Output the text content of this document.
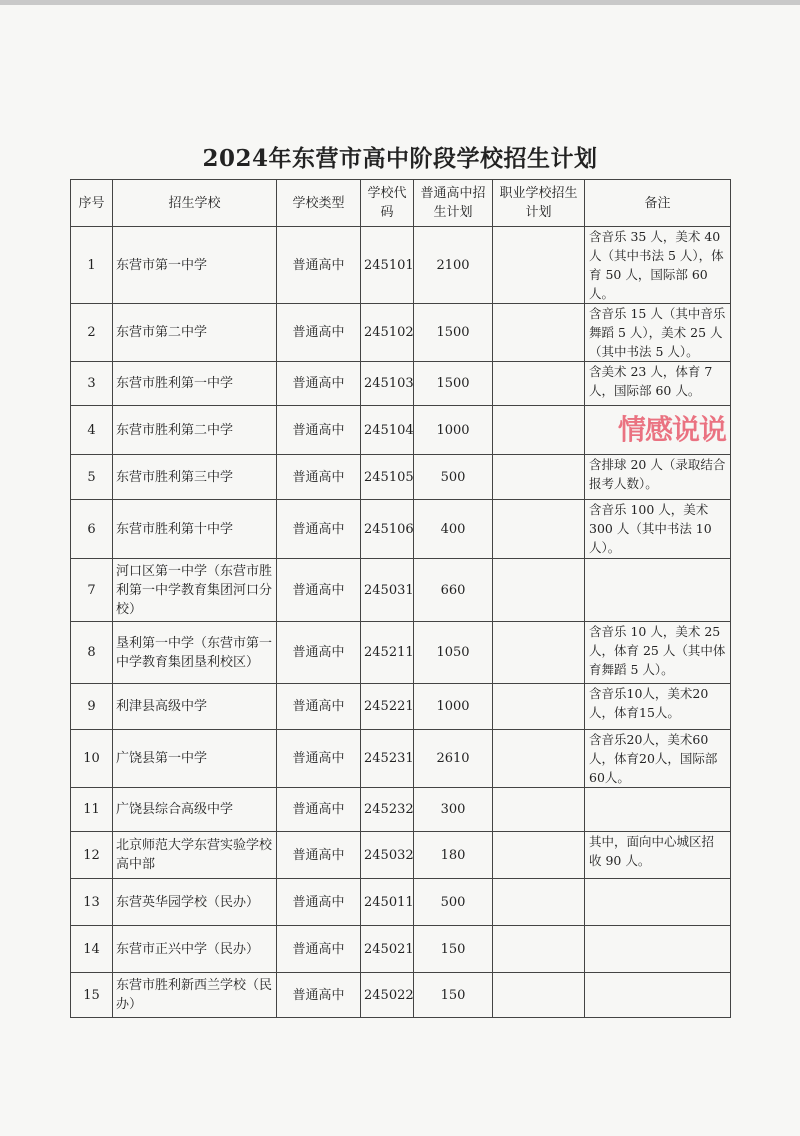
2024年东营市高中阶段学校招生计划
序号	招生学校	学校类型	学校代码	普通高中招生计划	职业学校招生计划	备注
1	东营市第一中学	普通高中	245101	2100		含音乐 35 人，美术 40 人（其中书法 5 人），体育 50 人，国际部 60 人。
2	东营市第二中学	普通高中	245102	1500		含音乐 15 人（其中音乐舞蹈 5 人），美术 25 人（其中书法 5 人）。
3	东营市胜利第一中学	普通高中	245103	1500		含美术 23 人，体育 7 人，国际部 60 人。
4	东营市胜利第二中学	普通高中	245104	1000		情感说说

5	东营市胜利第三中学	普通高中	245105	500		含排球 20 人（录取结合报考人数）。
6	东营市胜利第十中学	普通高中	245106	400		含音乐 100 人，美术 300 人（其中书法 10 人）。
7	河口区第一中学（东营市胜利第一中学教育集团河口分校）	普通高中	245031	660		
8	垦利第一中学（东营市第一中学教育集团垦利校区）	普通高中	245211	1050		含音乐 10 人，美术 25 人，体育 25 人（其中体育舞蹈 5 人）。
9	利津县高级中学	普通高中	245221	1000		含音乐10人，美术20人，体育15人。
10	广饶县第一中学	普通高中	245231	2610		含音乐20人，美术60人，体育20人，国际部60人。
11	广饶县综合高级中学	普通高中	245232	300		
12	北京师范大学东营实验学校高中部	普通高中	245032	180		其中，面向中心城区招收 90 人。
13	东营英华园学校（民办）	普通高中	245011	500		
14	东营市正兴中学（民办）	普通高中	245021	150		
15	东营市胜利新西兰学校（民办）	普通高中	245022	150		
